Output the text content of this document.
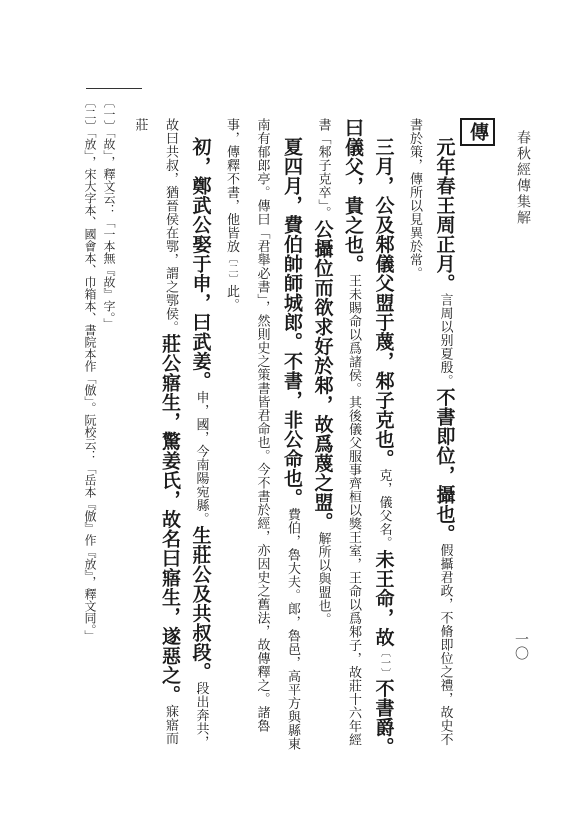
春秋經傳集解
一〇

傳

元年春王周正月。言周以别夏殷。不書即位，攝也。假攝君政，不脩即位之禮，故史不書於策，傳所以見異於常。

三月，公及邾儀父盟于蔑，邾子克也。克，儀父名。未王命，故〔一〕不書爵。曰儀父，貴之也。王未賜命以爲諸侯。其後儀父服事齊桓以獎王室，王命以爲邾子，故莊十六年經書「邾子克卒」。公攝位而欲求好於邾，故爲蔑之盟。解所以與盟也。

夏四月，費伯帥師城郎。不書，非公命也。費伯，魯大夫。郎，魯邑，高平方與縣東南有郁郎亭。傳曰「君舉必書」，然則史之策書皆君命也。今不書於經，亦因史之舊法，故傳釋之。諸魯事，傳釋不書，他皆放〔二〕此。

初，鄭武公娶于申，曰武姜。申，國，今南陽宛縣。生莊公及共叔段。段出奔共，故曰共叔，猶晉侯在鄂，謂之鄂侯。莊公寤生，驚姜氏，故名曰寤生，遂惡之。寐寤而莊

〔一〕「故」，釋文云：「一本無『故』字。」

〔二〕「放」，宋大字本、國會本、巾箱本、書院本作「倣」。阮校云：「岳本『倣』作『放』，釋文同。」
